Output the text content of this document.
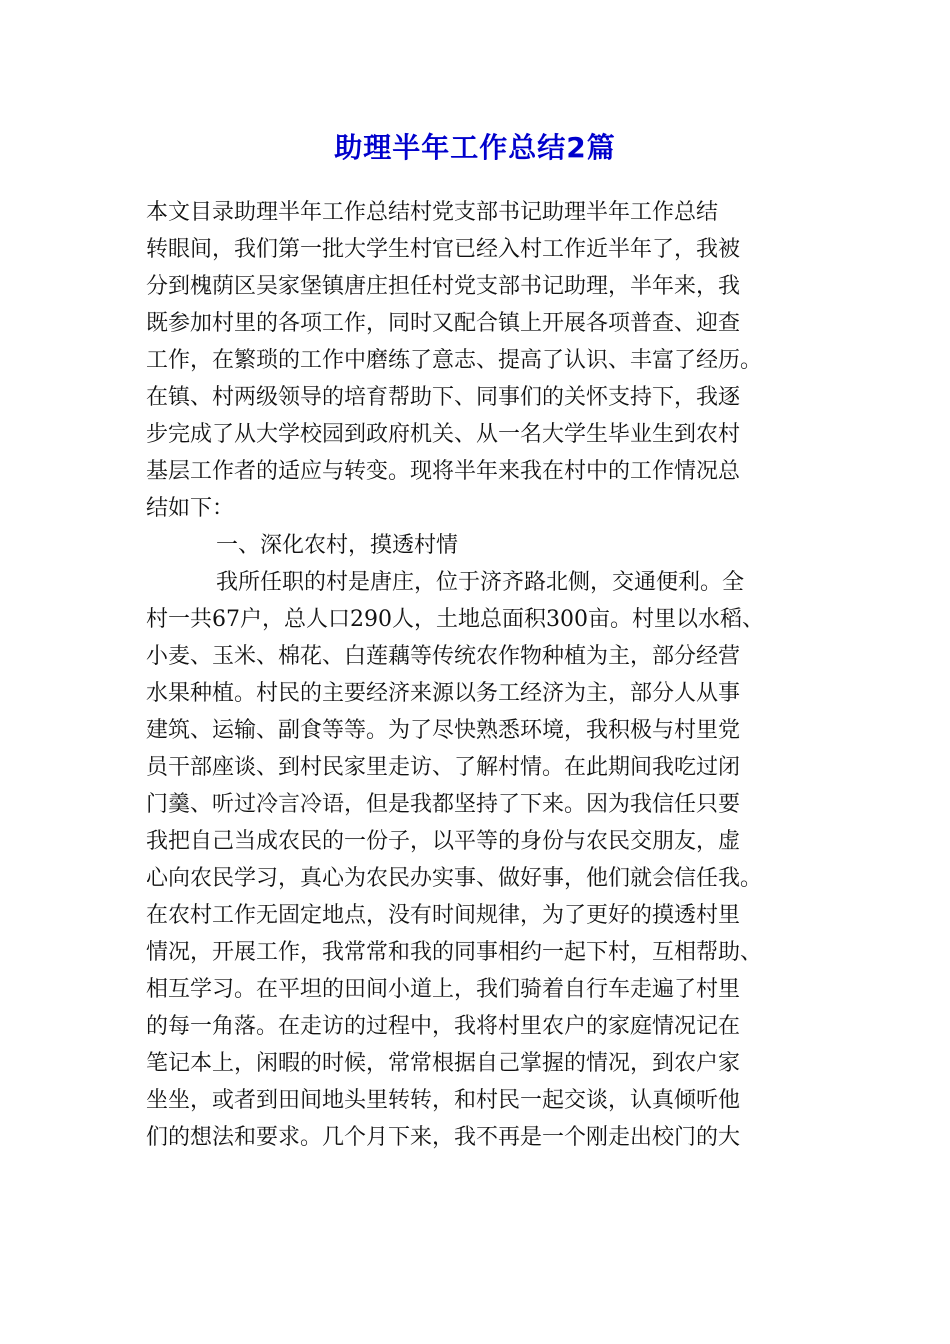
助理半年工作总结2篇
本文目录助理半年工作总结村党支部书记助理半年工作总结
转眼间，我们第一批大学生村官已经入村工作近半年了，我被
分到槐荫区吴家堡镇唐庄担任村党支部书记助理，半年来，我
既参加村里的各项工作，同时又配合镇上开展各项普查、迎查
工作，在繁琐的工作中磨练了意志、提高了认识、丰富了经历。
在镇、村两级领导的培育帮助下、同事们的关怀支持下，我逐
步完成了从大学校园到政府机关、从一名大学生毕业生到农村
基层工作者的适应与转变。现将半年来我在村中的工作情况总
结如下：
一、深化农村，摸透村情
我所任职的村是唐庄，位于济齐路北侧，交通便利。全
村一共67户，总人口290人，土地总面积300亩。村里以水稻、
小麦、玉米、棉花、白莲藕等传统农作物种植为主，部分经营
水果种植。村民的主要经济来源以务工经济为主，部分人从事
建筑、运输、副食等等。为了尽快熟悉环境，我积极与村里党
员干部座谈、到村民家里走访、了解村情。在此期间我吃过闭
门羹、听过冷言冷语，但是我都坚持了下来。因为我信任只要
我把自己当成农民的一份子，以平等的身份与农民交朋友，虚
心向农民学习，真心为农民办实事、做好事，他们就会信任我。
在农村工作无固定地点，没有时间规律，为了更好的摸透村里
情况，开展工作，我常常和我的同事相约一起下村，互相帮助、
相互学习。在平坦的田间小道上，我们骑着自行车走遍了村里
的每一角落。在走访的过程中，我将村里农户的家庭情况记在
笔记本上，闲暇的时候，常常根据自己掌握的情况，到农户家
坐坐，或者到田间地头里转转，和村民一起交谈，认真倾听他
们的想法和要求。几个月下来，我不再是一个刚走出校门的大
